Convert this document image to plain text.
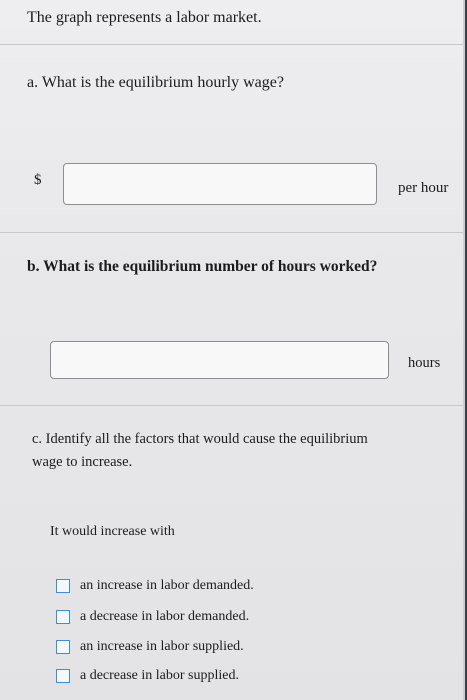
The graph represents a labor market.
a. What is the equilibrium hourly wage?
$	per hour
b. What is the equilibrium number of hours worked?
hours
c. Identify all the factors that would cause the equilibrium
wage to increase.
It would increase with
an increase in labor demanded.
a decrease in labor demanded.
an increase in labor supplied.
a decrease in labor supplied.
